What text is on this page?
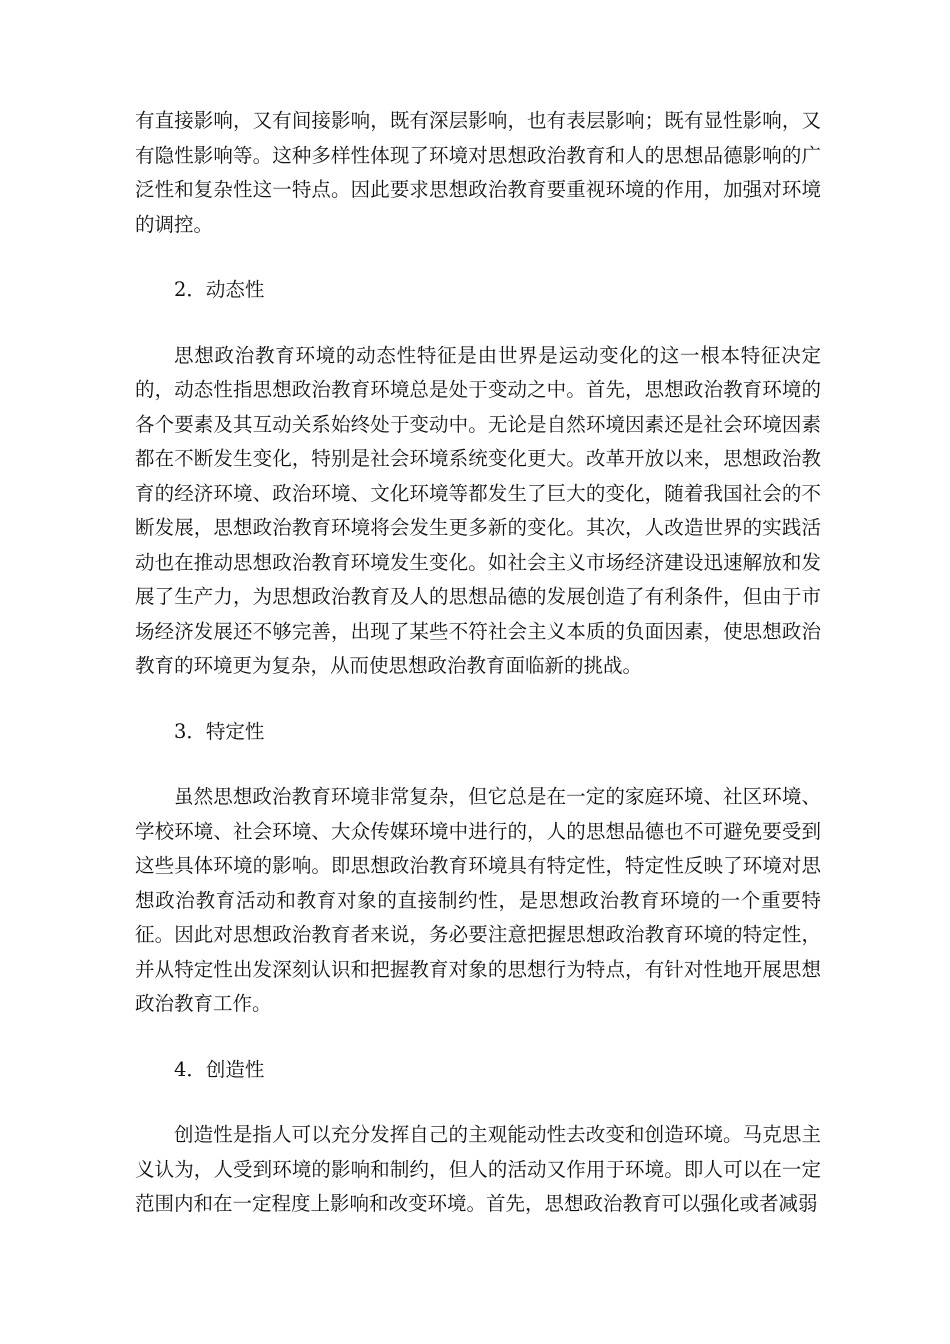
有直接影响，又有间接影响，既有深层影响，也有表层影响；既有显性影响，又有隐性影响等。这种多样性体现了环境对思想政治教育和人的思想品德影响的广泛性和复杂性这一特点。因此要求思想政治教育要重视环境的作用，加强对环境的调控。

2．动态性

思想政治教育环境的动态性特征是由世界是运动变化的这一根本特征决定的，动态性指思想政治教育环境总是处于变动之中。首先，思想政治教育环境的各个要素及其互动关系始终处于变动中。无论是自然环境因素还是社会环境因素都在不断发生变化，特别是社会环境系统变化更大。改革开放以来，思想政治教育的经济环境、政治环境、文化环境等都发生了巨大的变化，随着我国社会的不断发展，思想政治教育环境将会发生更多新的变化。其次，人改造世界的实践活动也在推动思想政治教育环境发生变化。如社会主义市场经济建设迅速解放和发展了生产力，为思想政治教育及人的思想品德的发展创造了有利条件，但由于市场经济发展还不够完善，出现了某些不符社会主义本质的负面因素，使思想政治教育的环境更为复杂，从而使思想政治教育面临新的挑战。

3．特定性

虽然思想政治教育环境非常复杂，但它总是在一定的家庭环境、社区环境、学校环境、社会环境、大众传媒环境中进行的，人的思想品德也不可避免要受到这些具体环境的影响。即思想政治教育环境具有特定性，特定性反映了环境对思想政治教育活动和教育对象的直接制约性，是思想政治教育环境的一个重要特征。因此对思想政治教育者来说，务必要注意把握思想政治教育环境的特定性，并从特定性出发深刻认识和把握教育对象的思想行为特点，有针对性地开展思想政治教育工作。

4．创造性

创造性是指人可以充分发挥自己的主观能动性去改变和创造环境。马克思主义认为，人受到环境的影响和制约，但人的活动又作用于环境。即人可以在一定范围内和在一定程度上影响和改变环境。首先，思想政治教育可以强化或者减弱
